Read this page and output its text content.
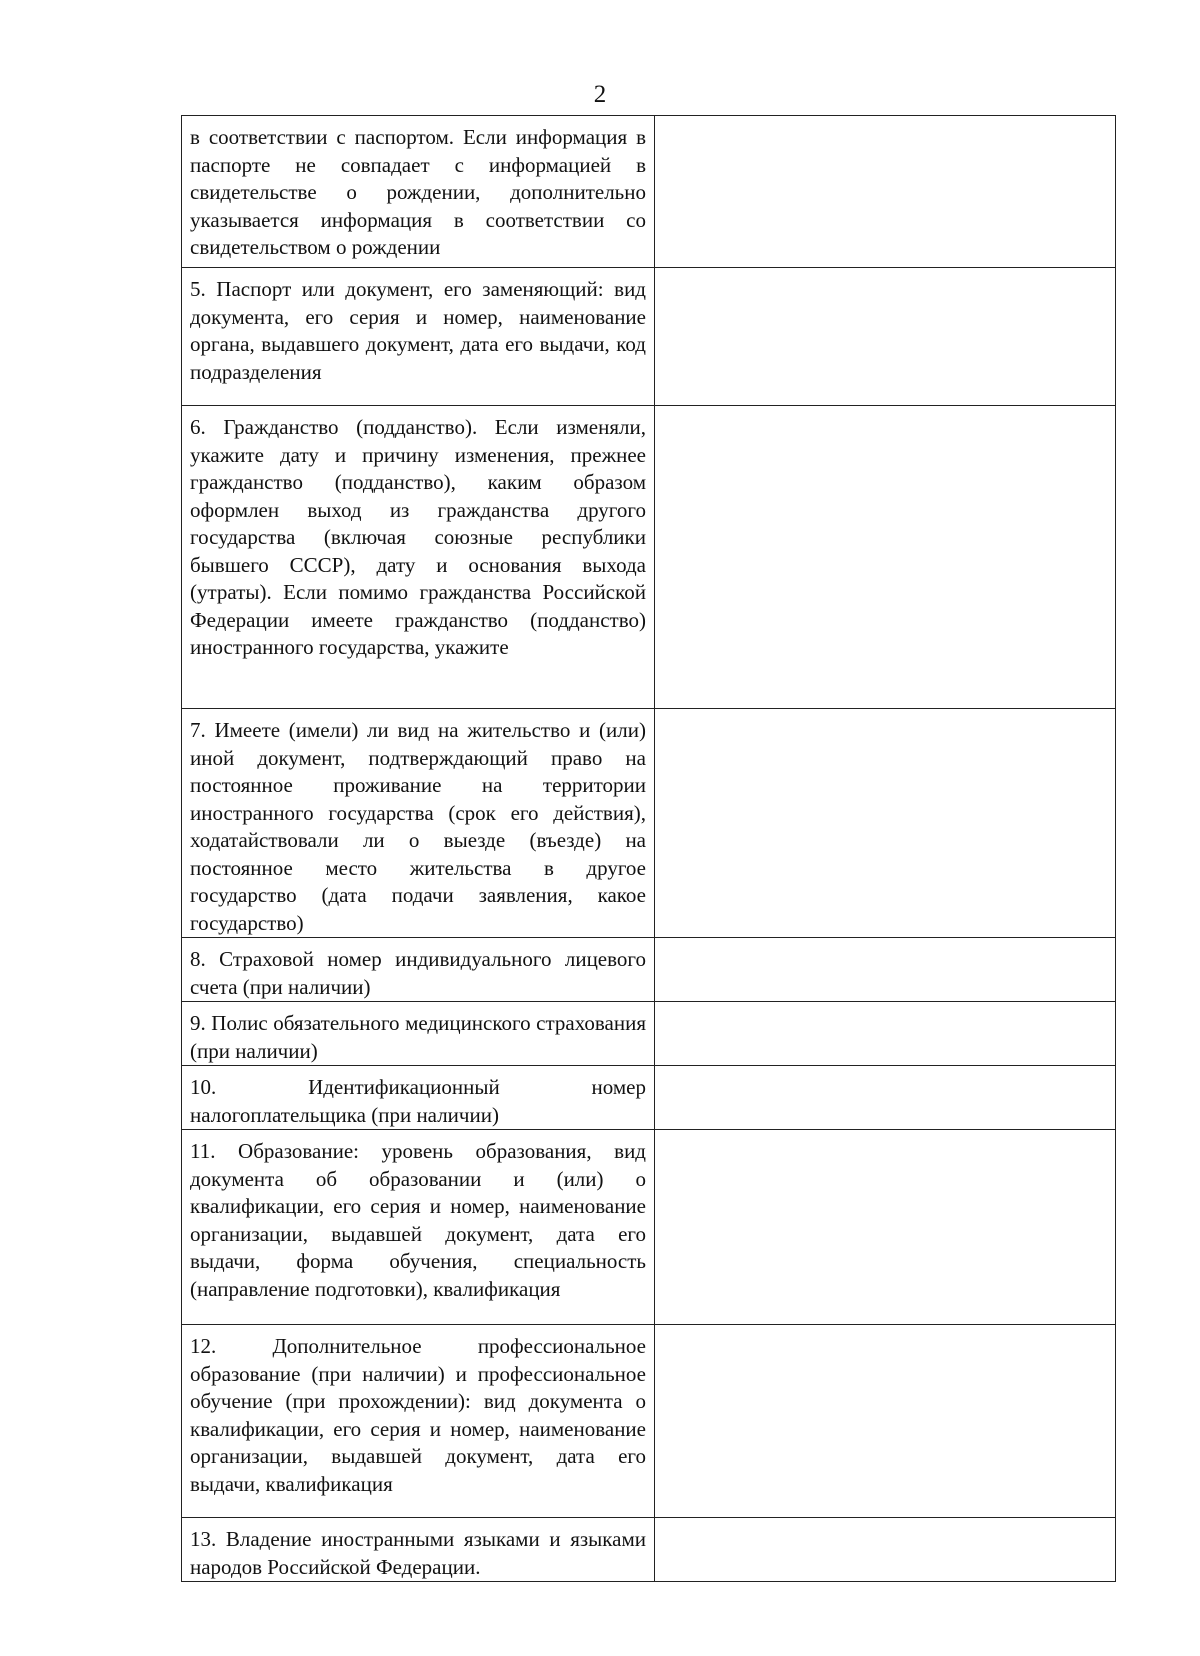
2
в соответствии с паспортом. Если информация в паспорте не совпадает с информацией в свидетельстве о рождении, дополнительно указывается информация в соответствии со свидетельством о рождении	
5. Паспорт или документ, его заменяющий: вид документа, его серия и номер, наименование органа, выдавшего документ, дата его выдачи, код подразделения	
6. Гражданство (подданство). Если изменяли, укажите дату и причину изменения, прежнее гражданство (подданство), каким образом оформлен выход из гражданства другого государства (включая союзные республики бывшего СССР), дату и основания выхода (утраты). Если помимо гражданства Российской Федерации имеете гражданство (подданство) иностранного государства, укажите	
7. Имеете (имели) ли вид на жительство и (или) иной документ, подтверждающий право на постоянное проживание на территории иностранного государства (срок его действия), ходатайствовали ли о выезде (въезде) на постоянное место жительства в другое государство (дата подачи заявления, какое государство)	
8. Страховой номер индивидуального лицевого счета (при наличии)	
9. Полис обязательного медицинского страхования (при наличии)	
10. Идентификационный номер налогоплательщика (при наличии)	
11. Образование: уровень образования, вид документа об образовании и (или) о квалификации, его серия и номер, наименование организации, выдавшей документ, дата его выдачи, форма обучения, специальность (направление подготовки), квалификация	
12. Дополнительное профессиональное образование (при наличии) и профессиональное обучение (при прохождении): вид документа о квалификации, его серия и номер, наименование организации, выдавшей документ, дата его выдачи, квалификация	
13. Владение иностранными языками и языками народов Российской Федерации.	
